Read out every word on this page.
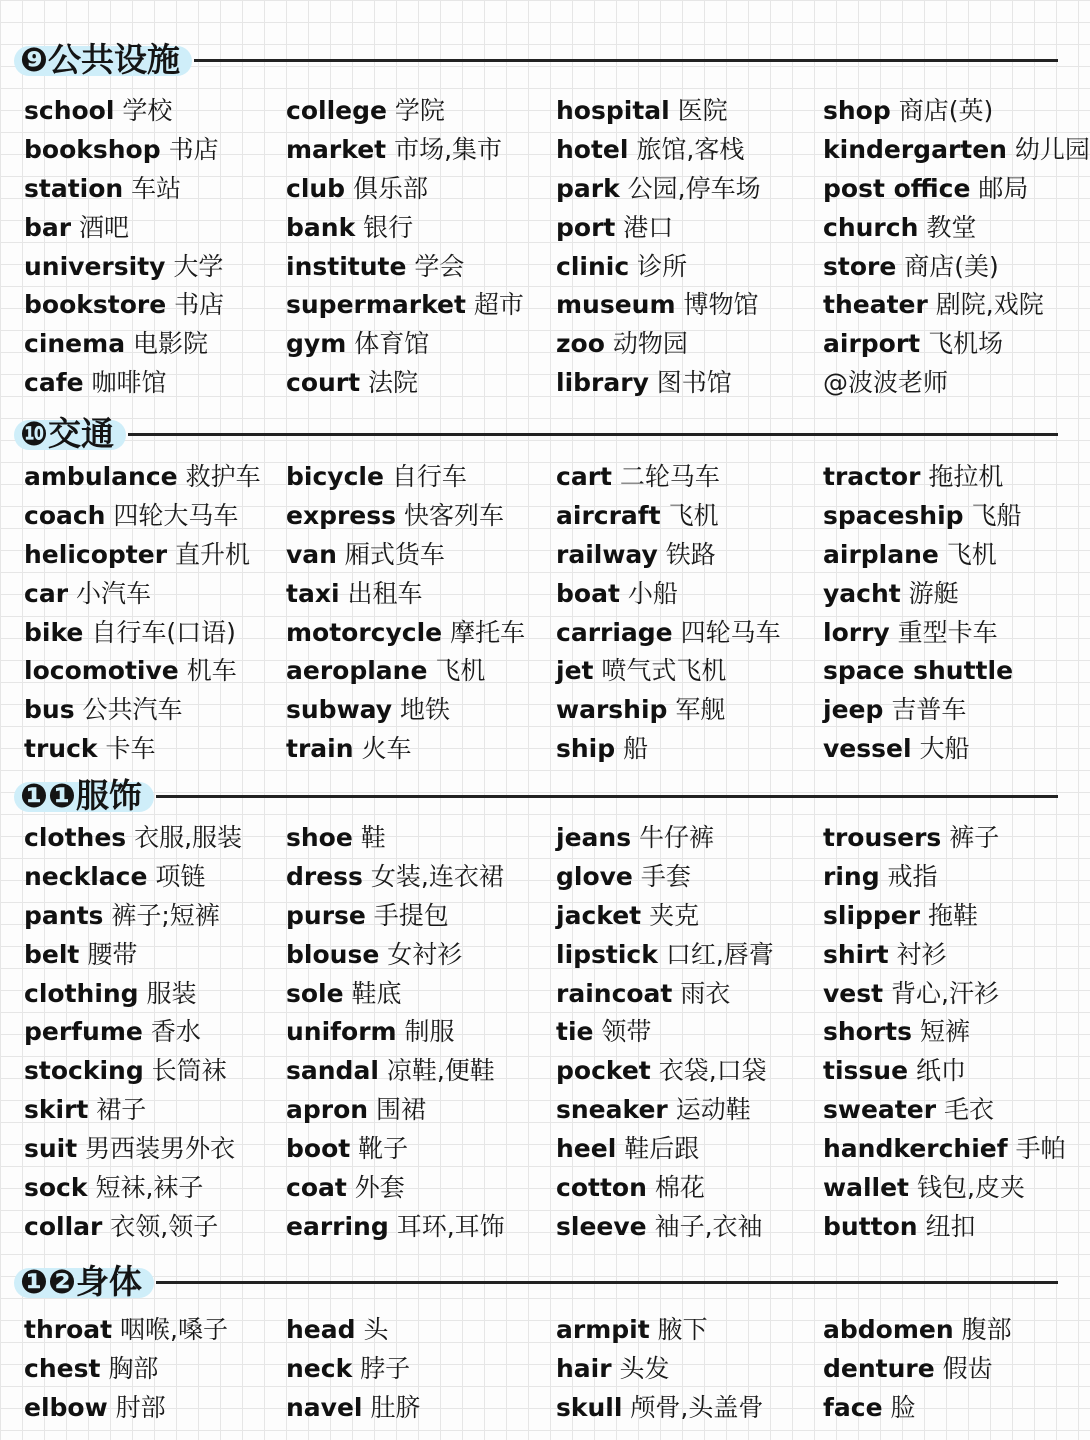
❾公共设施
school 学校
bookshop 书店
station 车站
bar 酒吧
university 大学
bookstore 书店
cinema 电影院
cafe 咖啡馆
college 学院
market 市场,集市
club 俱乐部
bank 银行
institute 学会
supermarket 超市
gym 体育馆
court 法院
hospital 医院
hotel 旅馆,客栈
park 公园,停车场
port 港口
clinic 诊所
museum 博物馆
zoo 动物园
library 图书馆
shop 商店(英)
kindergarten 幼儿园
post office 邮局
church 教堂
store 商店(美)
theater 剧院,戏院
airport 飞机场
@波波老师
❿交通
ambulance 救护车
coach 四轮大马车
helicopter 直升机
car 小汽车
bike 自行车(口语)
locomotive 机车
bus 公共汽车
truck 卡车
bicycle 自行车
express 快客列车
van 厢式货车
taxi 出租车
motorcycle 摩托车
aeroplane 飞机
subway 地铁
train 火车
cart 二轮马车
aircraft 飞机
railway 铁路
boat 小船
carriage 四轮马车
jet 喷气式飞机
warship 军舰
ship 船
tractor 拖拉机
spaceship 飞船
airplane 飞机
yacht 游艇
lorry 重型卡车
space shuttle
jeep 吉普车
vessel 大船
❶❶服饰
clothes 衣服,服装
necklace 项链
pants 裤子;短裤
belt 腰带
clothing 服装
perfume 香水
stocking 长筒袜
skirt 裙子
suit 男西装男外衣
sock 短袜,袜子
collar 衣领,领子
shoe 鞋
dress 女装,连衣裙
purse 手提包
blouse 女衬衫
sole 鞋底
uniform 制服
sandal 凉鞋,便鞋
apron 围裙
boot 靴子
coat 外套
earring 耳环,耳饰
jeans 牛仔裤
glove 手套
jacket 夹克
lipstick 口红,唇膏
raincoat 雨衣
tie 领带
pocket 衣袋,口袋
sneaker 运动鞋
heel 鞋后跟
cotton 棉花
sleeve 袖子,衣袖
trousers 裤子
ring 戒指
slipper 拖鞋
shirt 衬衫
vest 背心,汗衫
shorts 短裤
tissue 纸巾
sweater 毛衣
handkerchief 手帕
wallet 钱包,皮夹
button 纽扣
❶❷身体
throat 咽喉,嗓子
chest 胸部
elbow 肘部
head 头
neck 脖子
navel 肚脐
armpit 腋下
hair 头发
skull 颅骨,头盖骨
abdomen 腹部
denture 假齿
face 脸
